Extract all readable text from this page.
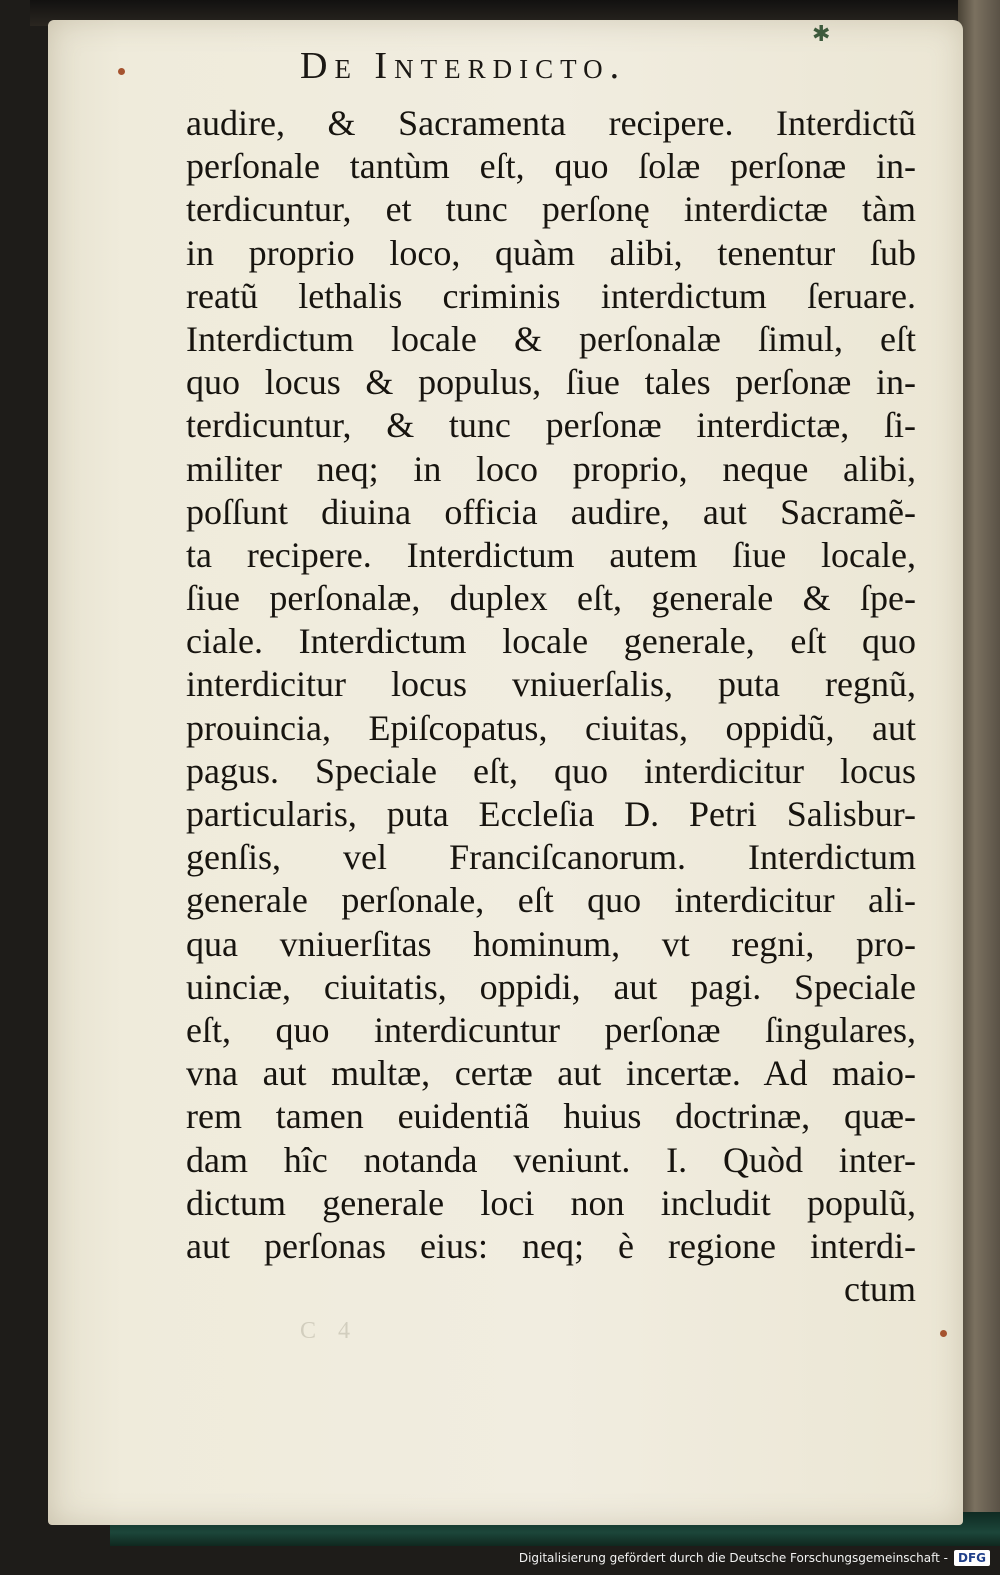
✱
De Interdicto.
audire, & Sacramenta recipere. Interdictũ
perſonale tantùm eſt, quo ſolæ perſonæ in-
terdicuntur, et tunc perſonę interdictæ tàm
in proprio loco, quàm alibi, tenentur ſub
reatũ lethalis criminis interdictum ſeruare.
Interdictum locale & perſonalæ ſimul, eſt
quo locus & populus, ſiue tales perſonæ in-
terdicuntur, & tunc perſonæ interdictæ, ſi-
militer neq; in loco proprio, neque alibi,
poſſunt diuina officia audire, aut Sacramẽ-
ta recipere. Interdictum autem ſiue locale,
ſiue perſonalæ, duplex eſt, generale & ſpe-
ciale. Interdictum locale generale, eſt quo
interdicitur locus vniuerſalis, puta regnũ,
prouincia, Epiſcopatus, ciuitas, oppidũ, aut
pagus. Speciale eſt, quo interdicitur locus
particularis, puta Eccleſia D. Petri Salisbur-
genſis, vel Franciſcanorum. Interdictum
generale perſonale, eſt quo interdicitur ali-
qua vniuerſitas hominum, vt regni, pro-
uinciæ, ciuitatis, oppidi, aut pagi. Speciale
eſt, quo interdicuntur perſonæ ſingulares,
vna aut multæ, certæ aut incertæ. Ad maio-
rem tamen euidentiã huius doctrinæ, quæ-
dam hîc notanda veniunt. I. Quòd inter-
dictum generale loci non includit populũ,
aut perſonas eius: neq; è regione interdi-
ctum
C 4
Digitalisierung gefördert durch die Deutsche Forschungsgemeinschaft - DFG
